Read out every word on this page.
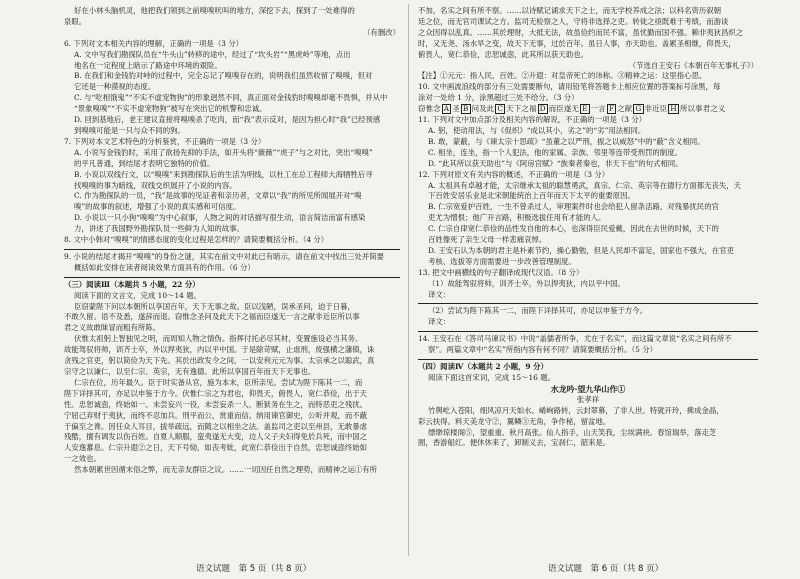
好在小林头脑机灵，他把我们领到之前嗅嗅吠叫的地方，深挖下去，探到了一处难得的

泉眼。

（有删改）

6. 下列对文本相关内容的理解，正确的一项是（3 分）

A. 文中写我们勘探队员在“牛头山”转移的途中，经过了“坎头岩”“黑虎岭”等地，点出

地名在一定程度上暗示了路途中环境的艰险。

B. 在我们和金钱豹对峙的过程中，完全忘记了嗅嗅存在的，说明我们虽然收留了嗅嗅，但对

它还是一种漠视的态度。

C. 与“吃相饿鬼”“不实不虚宠物狗”的形象迥然不同，真正面对金钱豹时嗅嗅却毫不畏惧，并从中

“景象嗅嗅”“不实不虚宠物狗”被写在突出它的机警和忠诚。

D. 回到基地后，老王建议直接将嗅嗅杀了吃肉，而“我”表示反对，是因为担心时“我”已经预感

到嗅嗅可能是一只与众不同的狗。

7. 下列对本文艺术特色的分析鉴赏，不正确的一项是（3 分）

A. 小说写金钱豹时，采用了欲扬先抑的手法，如开头将“薇薇”“虎子”与之对比，突出“嗅嗅”

的平凡普通，到结尾才表明它独特的价值。

B. 小说以双线行文，以“嗅嗅”来到勘探队后的生活为明线，以杜工在总工程师大海牺牲后寻

找嗅嗅的事为暗线，双线交织展开了小说的内容。

C. 作为勘探队的一员，“我”是故事的见证者和亲历者，文章以“我”的所见所闻展开对“嗅

嗅”的故事的叙述，增强了小说的真实感和可信度。

D. 小说以一只小狗“嗅嗅”为中心叙事，人物之间的对话描写很生动，语言简洁而富有感染

力，讲述了我国野外勘探队员一些鲜为人知的故事。

8. 文中小韩对“嗅嗅”的情感态度的变化过程是怎样的？请简要概括分析。（4 分）

9. 小说的结尾才揭开“嗅嗅”的身份之谜，其实在前文中对此已有暗示，请在前文中找出三处并简要

概括如此安排在读者阅读效果方面具有的作用。（6 分）

（三）阅读Ⅲ（本题共 5 小题，22 分）

阅读下面的文言文，完成 10～14 题。

臣窃蒙陛下问以本朝所以享国百年，天下无事之故。臣以浅陋，误承圣问，迫于日暮，

不敢久留。语不及悉，遂辞而退。窃惟念圣问及此天下之福而臣遂无一言之献非近臣所以事

君之义故敢昧冒而粗有所陈。

伏惟太祖躬上智独见之明，而周知人物之情伪。指挥付托必尽其材，变置施设必当其务。

故能驾驭将帅，训齐士卒，外以捍夷狄，内以平中国。于是除苛赋，止虐刑，废强横之藩镇，诛

贪残之官吏，躬以简俭为天下先。其於出政发令之间，一以安利元元为事。太宗承之以聪武，真

宗守之以谦仁，以至仁宗、英宗，无有逸德。此所以享国百年而天下无事也。

仁宗在位，历年最久。臣于时实备从官，施为本末，臣所亲见。尝试为陛下陈其一二，而

陛下详择其可，亦足以申鉴于方今。伏惟仁宗之为君也，仰畏天，俯畏人，宽仁恭俭，出于天

性。忠恕诚悫，终始如一。未尝妄兴一役，未尝妄杀一人，断狱务在生之，而特恶吏之残扰。

宁屈己弃财于夷狄，而终不忍加兵。刑平而公，赏重而信。纳用谏官御史，公听并观，而不蔽

于偏至之谗。因任众人耳目，拔举疏远，而随之以相坐之法。盖监司之吏以至州县，无敢暴虐

残酷，擅有调发以伤百姓。自夏人顺服，蛮夷遂无大变，边人父子夫妇得免於兵死，而中国之

人安逸蕃息。仁宗升遐②之日，天下号恸，如丧考妣，此宽仁恭俭出于自然，忠恕诚悫终始如

一之效也。

然本朝累世因循末俗之弊，而无亲友群臣之议。……一切因任自然之理势，而精神之运①有所

不加，名实之间有所不察。……以诗赋记诵求天下之士，而无学校养成之法；以科名资历叙朝

廷之位，而无官司课试之方。监司无检察之人，守将非选择之吏。转徙之亟既难于考绩，而游谈

之众因得以乱真。……其於理财，大抵无法，故虽俭约而民不富，虽忧勤而国不强。赖非夷狄昌炽之

时，又无尧、汤水旱之变，故天下无事，过於百年。虽日人事，亦天助也。盖累圣相继，仰畏天，

俯畏人，宽仁恭俭，忠恕诚悫，此其所以获天助也。

（节选自王安石《本朝百年无事札子》）

【注】①元元：指人民，百姓。②升遐：对皇帝死亡的讳称。③精神之运：这里指心思。

10. 文中画波浪线的部分有三处需要断句，请用铅笔将答题卡上相应位置的答案标号涂黑，每

涂对一处给 1 分，涂黑超过三处不给分。（3 分）

窃惟念 A 圣 B 问及此 C 天下之福 D 而臣遂无 E 一言 F 之献 G 非近臣 H 所以事君之义

11. 下列对文中加点部分及相关内容的解说，不正确的一项是（3 分）

A. 躬，使动用法，与《促织》“成以其小，劣之”的“劣”用法相同。

B. 敢，蒙蔽，与《谏太宗十思疏》“虽董之以严刑，振之以威怒”中的“蔽”含义相同。

C. 相坐，连坐，指一个人犯法，他的家属、亲族、邻里等连带受刑罚的制度。

D. “此其所以获天助也”与《阿房宫赋》“族秦者秦也，非天下也”的句式相同。

12. 下列对原文有关内容的概述，不正确的一项是（3 分）

A. 太祖具有卓越才能，太宗继承太祖的聪慧勇武，真宗、仁宗、英宗等在德行方面都无丧失，天

下百姓安居乐业是北宋朝能统治上百年而天下太平的重要原因。

B. 仁宗宽爱护百姓，一生不曾杀过人，审理案件时也会给犯人留条活路，对残暴扰民的官

吏尤为憎恨；他广开言路，积极选拔任用有才能的人。

C. 仁宗自律宽仁恭俭的品性发自他的本心，也深得臣民爱戴，因此在去世的时候，天下的

百姓像死了亲生父母一样悲痛哀悼。

D. 王安石认为本朝的君主是朴素节约，操心勤勉，但是人民却不富足，国家也不强大，在官吏

考核、选拔等方面需要进一步改善管理制度。

13. 把文中画横线的句子翻译成现代汉语。（8 分）

（1）故能驾驭将帅，训齐士卒，外以捍夷狄，内以平中国。

译文：

（2）尝试为陛下陈其一二，而陛下详择其可，亦足以申鉴于方今。

译文：

14. 王安石在《答司马谏议书》中说“盖儒者所争，尤在于名实”，而这篇文章说“名实之间有所不

察”。两篇文章中“名实”所指内容有何不同？请简要概括分析。（5 分）

（四）阅读Ⅳ（本题共 2 小题，9 分）

阅读下面这首宋词，完成 15～16 题。

水龙吟·望九华山作①

张孝祥

竹舆屹入苍阳，细风凉月天如水。崤峋路转，云封翠幕，了非人世。特就开玲，拂成金晶，

彩云扶得。料天美龙守②，翼鳞③无角，争作秘，留盆地。

缥缈琼楼阁⑤，望重重、秋月高张。仙人指手，山天笑我，尘埃满袂。春馆瑞举，落走芝

囿，香游船红。便休休来了，卸制义去，宝刹仁，韶来是。

语文试题　第 5 页（共 8 页）	语文试题　第 6 页（共 8 页）
